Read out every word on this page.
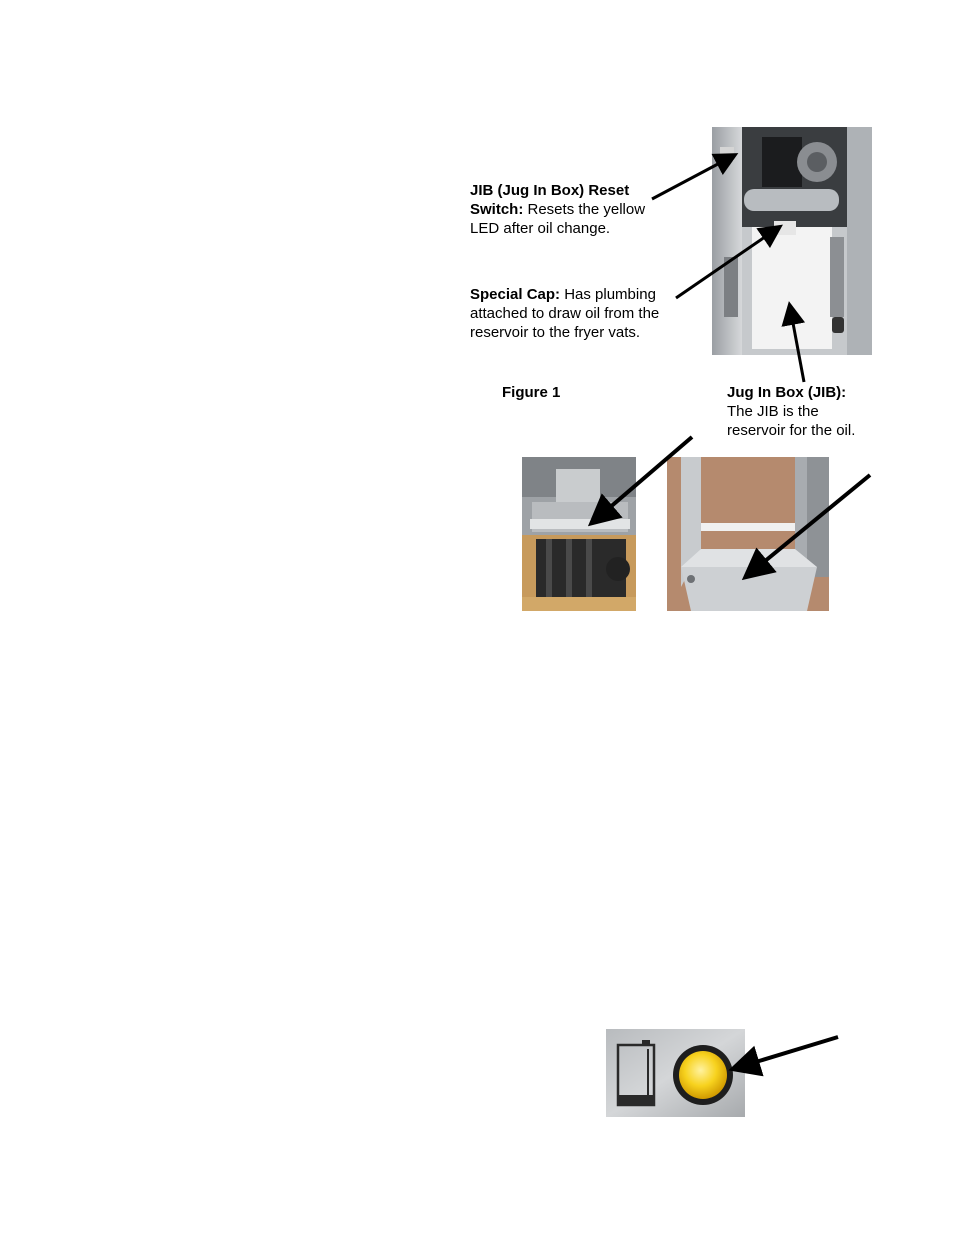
JIB (Jug In Box) Reset
Switch: Resets the yellow
LED after oil change.
Special Cap: Has plumbing
attached to draw oil from the
reservoir to the fryer vats.
Figure 1	Jug In Box (JIB):
The JIB is the
reservoir for the oil.
